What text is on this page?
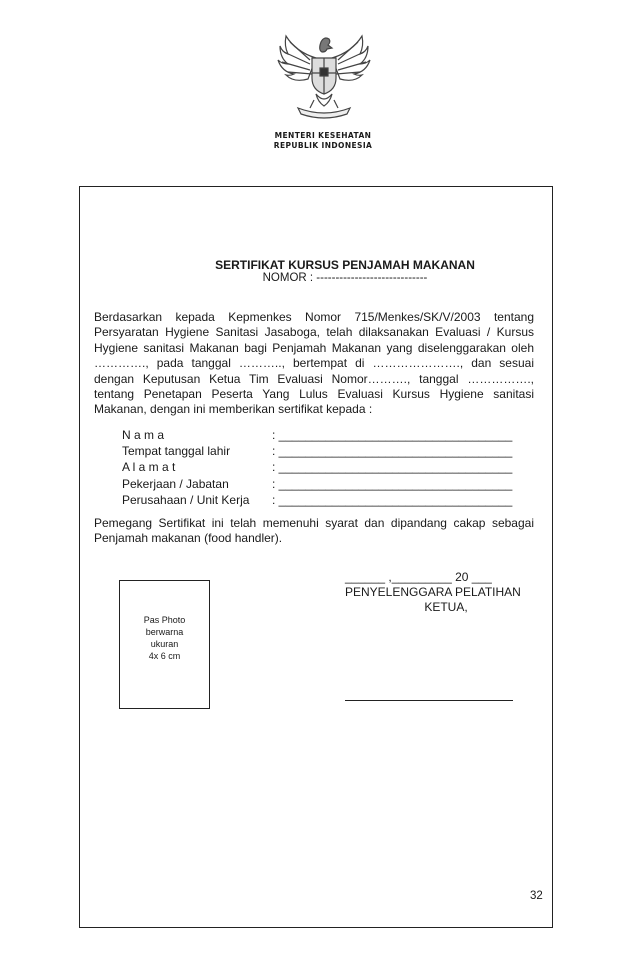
MENTERI KESEHATAN
REPUBLIK INDONESIA
SERTIFIKAT KURSUS PENJAMAH MAKANAN
NOMOR : -----------------------------
Berdasarkan kepada Kepmenkes Nomor 715/Menkes/SK/V/2003 tentang Persyaratan Hygiene Sanitasi Jasaboga, telah dilaksanakan Evaluasi / Kursus Hygiene sanitasi Makanan bagi Penjamah Makanan yang diselenggarakan oleh …………., pada tanggal ……….., bertempat di …………………., dan sesuai dengan Keputusan Ketua Tim Evaluasi Nomor………., tanggal ……………., tentang Penetapan Peserta Yang Lulus Evaluasi Kursus Hygiene sanitasi Makanan, dengan ini memberikan sertifikat kepada :
N a m a	: ___________________________________
Tempat tanggal lahir	: ___________________________________
A l a m a t	: ___________________________________
Pekerjaan / Jabatan	: ___________________________________
Perusahaan / Unit Kerja	: ___________________________________
Pemegang Sertifikat ini telah memenuhi syarat dan dipandang cakap sebagai Penjamah makanan (food handler).
Pas Photo
berwarna
ukuran
4x 6 cm
______ ,_________ 20 ___
PENYELENGGARA PELATIHAN
KETUA,
32
